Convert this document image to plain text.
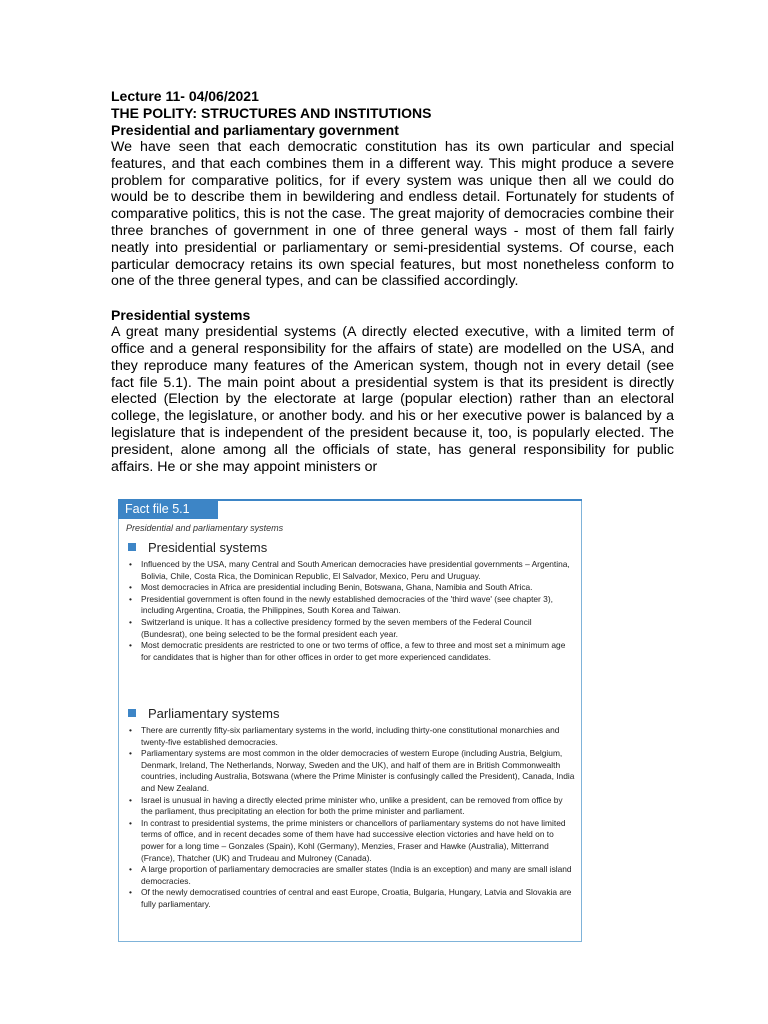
Lecture 11- 04/06/2021

THE POLITY: STRUCTURES AND INSTITUTIONS

Presidential and parliamentary government

We have seen that each democratic constitution has its own particular and special features, and that each combines them in a different way. This might produce a severe problem for comparative politics, for if every system was unique then all we could do would be to describe them in bewildering and endless detail. Fortunately for students of comparative politics, this is not the case. The great majority of democracies combine their three branches of government in one of three general ways - most of them fall fairly neatly into presidential or parliamentary or semi-presidential systems. Of course, each particular democracy retains its own special features, but most nonetheless conform to one of the three general types, and can be classified accordingly.

Presidential systems

A great many presidential systems (A directly elected executive, with a limited term of office and a general responsibility for the affairs of state) are modelled on the USA, and they reproduce many features of the American system, though not in every detail (see fact file 5.1). The main point about a presidential system is that its president is directly elected (Election by the electorate at large (popular election) rather than an electoral college, the legislature, or another body. and his or her executive power is balanced by a legislature that is independent of the president because it, too, is popularly elected. The president, alone among all the officials of state, has general responsibility for public affairs. He or she may appoint ministers or

Fact file 5.1
Presidential and parliamentary systems
Presidential systems
• Influenced by the USA, many Central and South American democracies have presidential governments – Argentina, Bolivia, Chile, Costa Rica, the Dominican Republic, El Salvador, Mexico, Peru and Uruguay.
• Most democracies in Africa are presidential including Benin, Botswana, Ghana, Namibia and South Africa.
• Presidential government is often found in the newly established democracies of the 'third wave' (see chapter 3), including Argentina, Croatia, the Philippines, South Korea and Taiwan.
• Switzerland is unique. It has a collective presidency formed by the seven members of the Federal Council (Bundesrat), one being selected to be the formal president each year.
• Most democratic presidents are restricted to one or two terms of office, a few to three and most set a minimum age for candidates that is higher than for other offices in order to get more experienced candidates.
Parliamentary systems
• There are currently fifty-six parliamentary systems in the world, including thirty-one constitutional monarchies and twenty-five established democracies.
• Parliamentary systems are most common in the older democracies of western Europe (including Austria, Belgium, Denmark, Ireland, The Netherlands, Norway, Sweden and the UK), and half of them are in British Commonwealth countries, including Australia, Botswana (where the Prime Minister is confusingly called the President), Canada, India and New Zealand.
• Israel is unusual in having a directly elected prime minister who, unlike a president, can be removed from office by the parliament, thus precipitating an election for both the prime minister and parliament.
• In contrast to presidential systems, the prime ministers or chancellors of parliamentary systems do not have limited terms of office, and in recent decades some of them have had successive election victories and have held on to power for a long time – Gonzales (Spain), Kohl (Germany), Menzies, Fraser and Hawke (Australia), Mitterrand (France), Thatcher (UK) and Trudeau and Mulroney (Canada).
• A large proportion of parliamentary democracies are smaller states (India is an exception) and many are small island democracies.
• Of the newly democratised countries of central and east Europe, Croatia, Bulgaria, Hungary, Latvia and Slovakia are fully parliamentary.
